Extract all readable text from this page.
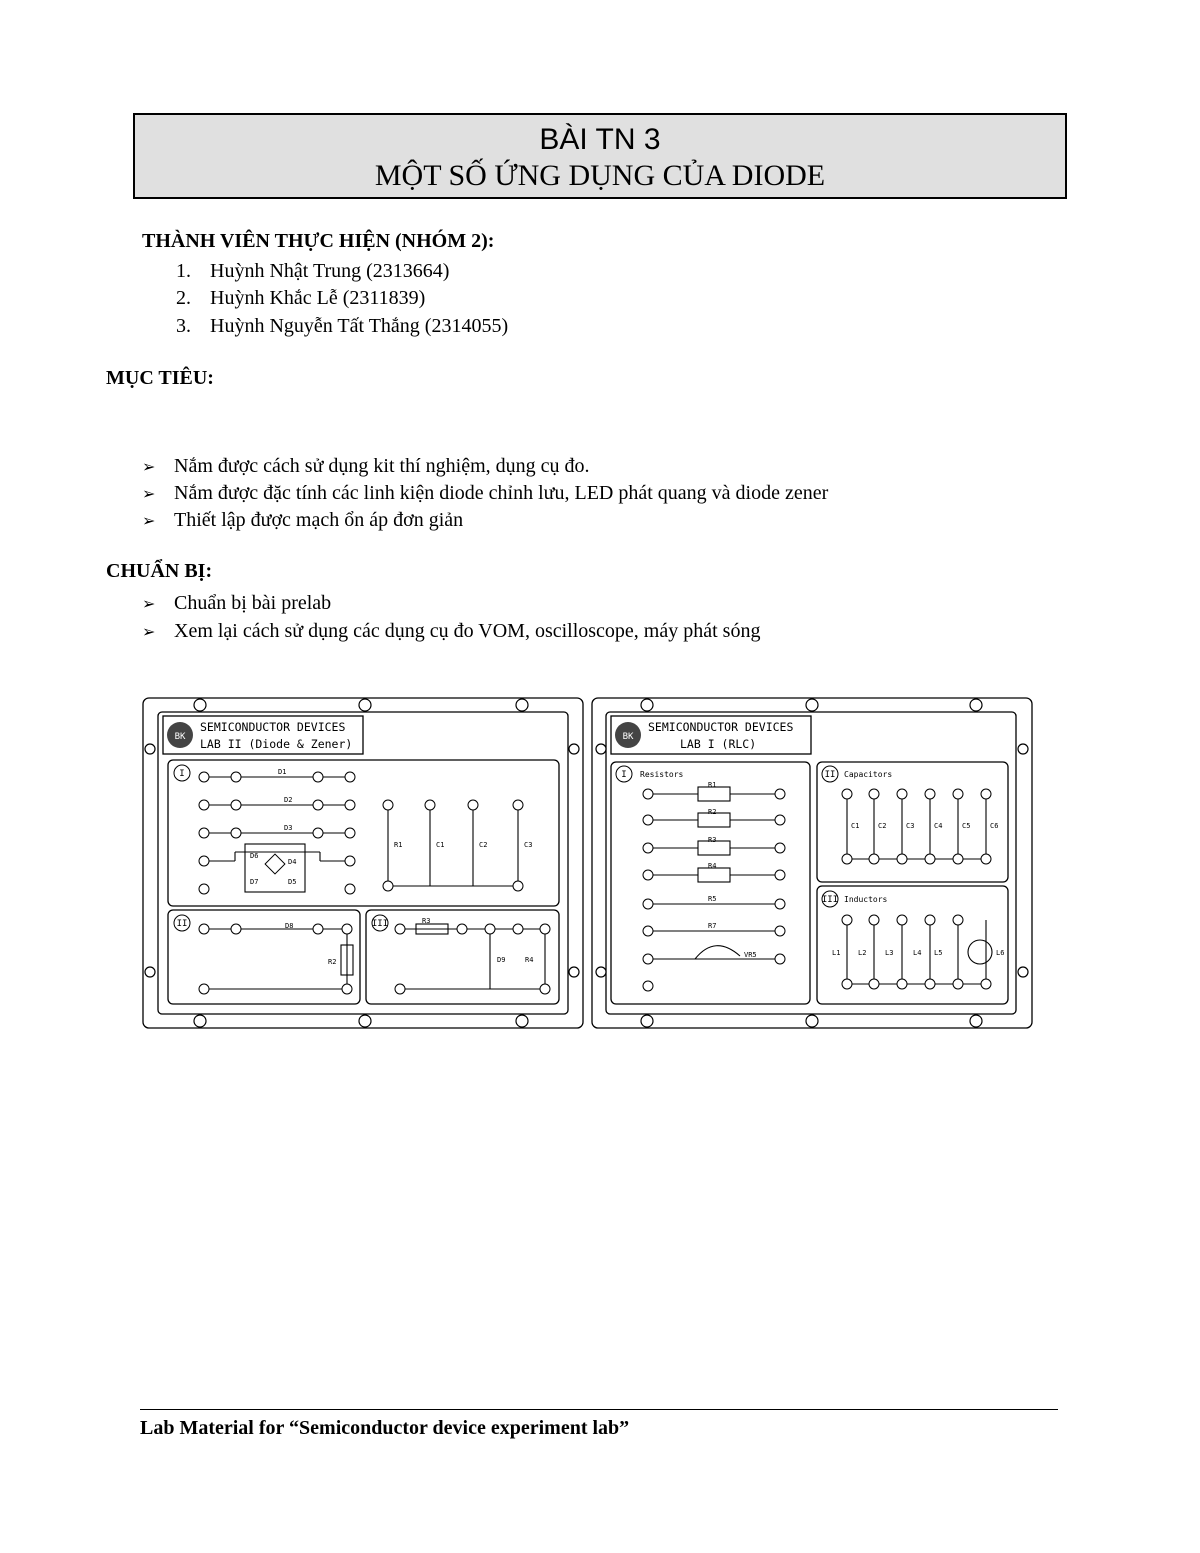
BÀI TN 3
MỘT SỐ ỨNG DỤNG CỦA DIODE
THÀNH VIÊN THỰC HIỆN (NHÓM 2):
1. Huỳnh Nhật Trung (2313664)
2. Huỳnh Khắc Lễ (2311839)
3. Huỳnh Nguyễn Tất Thắng (2314055)
MỤC TIÊU:
➢ Nắm được cách sử dụng kit thí nghiệm, dụng cụ đo.
➢ Nắm được đặc tính các linh kiện diode chỉnh lưu, LED phát quang và diode zener
➢ Thiết lập được mạch ổn áp đơn giản
CHUẨN BỊ:
➢ Chuẩn bị bài prelab
➢ Xem lại cách sử dụng các dụng cụ đo VOM, oscilloscope, máy phát sóng
BK	BK
SEMICONDUCTOR DEVICES
LAB II (Diode & Zener)
SEMICONDUCTOR DEVICES
LAB I (RLC)
I
II	III
I	II
III
Resistors	Capacitors
Inductors
D1
D2
D3
D4
D5
D6
D7
D8
D9
R1
R2
R3
R4
C1	C2	C3
R1
R2
R3
R4
R5
R7
VR5
C1	C2	C3	C4	C5	C6
L1	L2	L3	L4 L5	L6
Lab Material for “Semiconductor device experiment lab”
